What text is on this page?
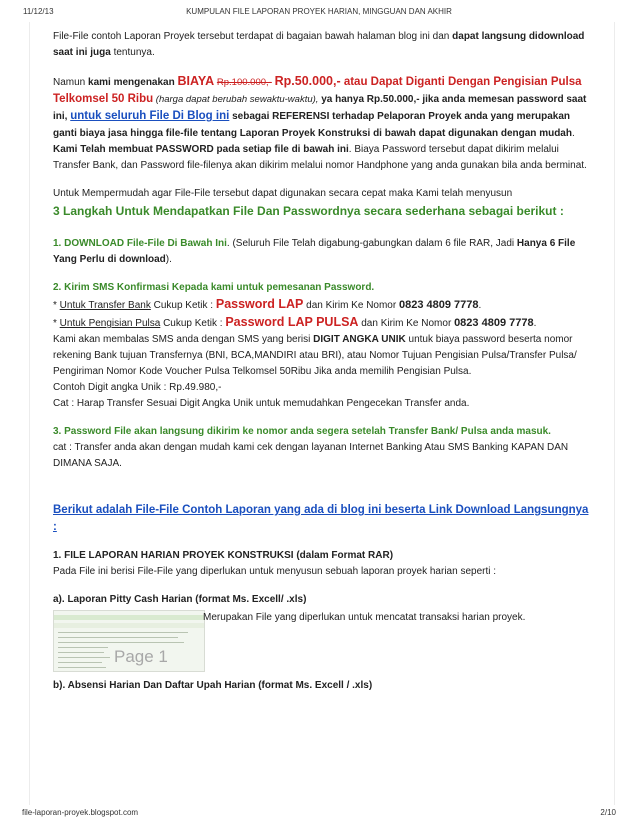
11/12/13	KUMPULAN FILE LAPORAN PROYEK HARIAN, MINGGUAN DAN AKHIR

File-File contoh Laporan Proyek tersebut terdapat di bagaian bawah halaman blog ini dan dapat langsung didownload saat ini juga tentunya.

Namun kami mengenakan BIAYA Rp.100.000,- Rp.50.000,- atau Dapat Diganti Dengan Pengisian Pulsa Telkomsel 50 Ribu (harga dapat berubah sewaktu-waktu), ya hanya Rp.50.000,- jika anda memesan password saat ini, untuk seluruh File Di Blog ini sebagai REFERENSI terhadap Pelaporan Proyek anda yang merupakan ganti biaya jasa hingga file-file tentang Laporan Proyek Konstruksi di bawah dapat digunakan dengan mudah.

Kami Telah membuat PASSWORD pada setiap file di bawah ini. Biaya Password tersebut dapat dikirim melalui Transfer Bank, dan Password file-filenya akan dikirim melalui nomor Handphone yang anda gunakan bila anda berminat.

Untuk Mempermudah agar File-File tersebut dapat digunakan secara cepat maka Kami telah menyusun

3 Langkah Untuk Mendapatkan File Dan Passwordnya secara sederhana sebagai berikut :

1. DOWNLOAD File-File Di Bawah Ini. (Seluruh File Telah digabung-gabungkan dalam 6 file RAR, Jadi Hanya 6 File Yang Perlu di download).

2. Kirim SMS Konfirmasi Kepada kami untuk pemesanan Password.

* Untuk Transfer Bank Cukup Ketik : Password LAP dan Kirim Ke Nomor 0823 4809 7778.

* Untuk Pengisian Pulsa Cukup Ketik : Password LAP PULSA dan Kirim Ke Nomor 0823 4809 7778.

Kami akan membalas SMS anda dengan SMS yang berisi DIGIT ANGKA UNIK untuk biaya password beserta nomor rekening Bank tujuan Transfernya (BNI, BCA,MANDIRI atau BRI), atau Nomor Tujuan Pengisian Pulsa/Transfer Pulsa/ Pengiriman Nomor Kode Voucher Pulsa Telkomsel 50Ribu Jika anda memilih Pengisian Pulsa.

Contoh Digit angka Unik : Rp.49.980,-

Cat : Harap Transfer Sesuai Digit Angka Unik untuk memudahkan Pengecekan Transfer anda.

3. Password File akan langsung dikirim ke nomor anda segera setelah Transfer Bank/ Pulsa anda masuk.

cat : Transfer anda akan dengan mudah kami cek dengan layanan Internet Banking Atau SMS Banking KAPAN DAN DIMANA SAJA.

Berikut adalah File-File Contoh Laporan yang ada di blog ini beserta Link Download Langsungnya :

1. FILE LAPORAN HARIAN PROYEK KONSTRUKSI (dalam Format RAR)

Pada File ini berisi File-File yang diperlukan untuk menyusun sebuah laporan proyek harian seperti :

a). Laporan Pitty Cash Harian (format Ms. Excell/ .xls)

Page 1
Merupakan File yang diperlukan untuk mencatat transaksi harian proyek.

b). Absensi Harian Dan Daftar Upah Harian (format Ms. Excell / .xls)

file-laporan-proyek.blogspot.com	2/10
